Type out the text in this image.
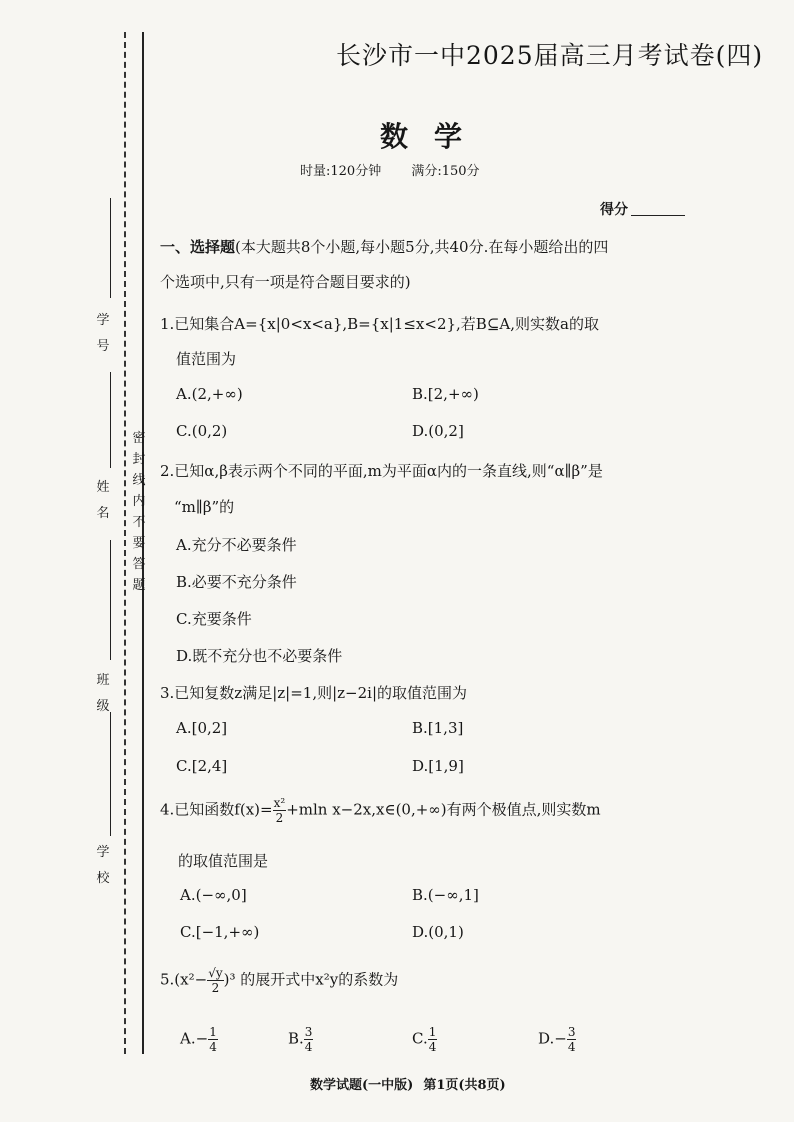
密封线内不要答题
学号
姓名
班级
学校
长沙市一中2025届高三月考试卷(四)
数学
时量:120分钟 满分:150分
得分
一、选择题(本大题共8个小题,每小题5分,共40分.在每小题给出的四
个选项中,只有一项是符合题目要求的)
1.已知集合A={x|0<x<a},B={x|1≤x<2},若B⊆A,则实数a的取
值范围为
A.(2,+∞)	B.[2,+∞)
C.(0,2)	D.(0,2]
2.已知α,β表示两个不同的平面,m为平面α内的一条直线,则“α∥β”是
“m∥β”的
A.充分不必要条件
B.必要不充分条件
C.充要条件
D.既不充分也不必要条件
3.已知复数z满足|z|=1,则|z−2i|的取值范围为
A.[0,2]	B.[1,3]
C.[2,4]	D.[1,9]
4.已知函数$f(x)= \frac{\text{x²}}{2} +mln$ x−2x,x∈(0,+∞)有两个极值点,则实数m
的取值范围是
A.(−∞,0]	B.(−∞,1]
C.[−1,+∞)	D.(0,1)
$5.(x^2- \frac{√y}{2} )^3$ 的展开式中x²y的系数为
$A.- \frac{1}{4}$	B. $\frac{3}{4}$	C. $\frac{1}{4}$	$D.- \frac{3}{4}$
数学试题(一中版) 第1页(共8页)
